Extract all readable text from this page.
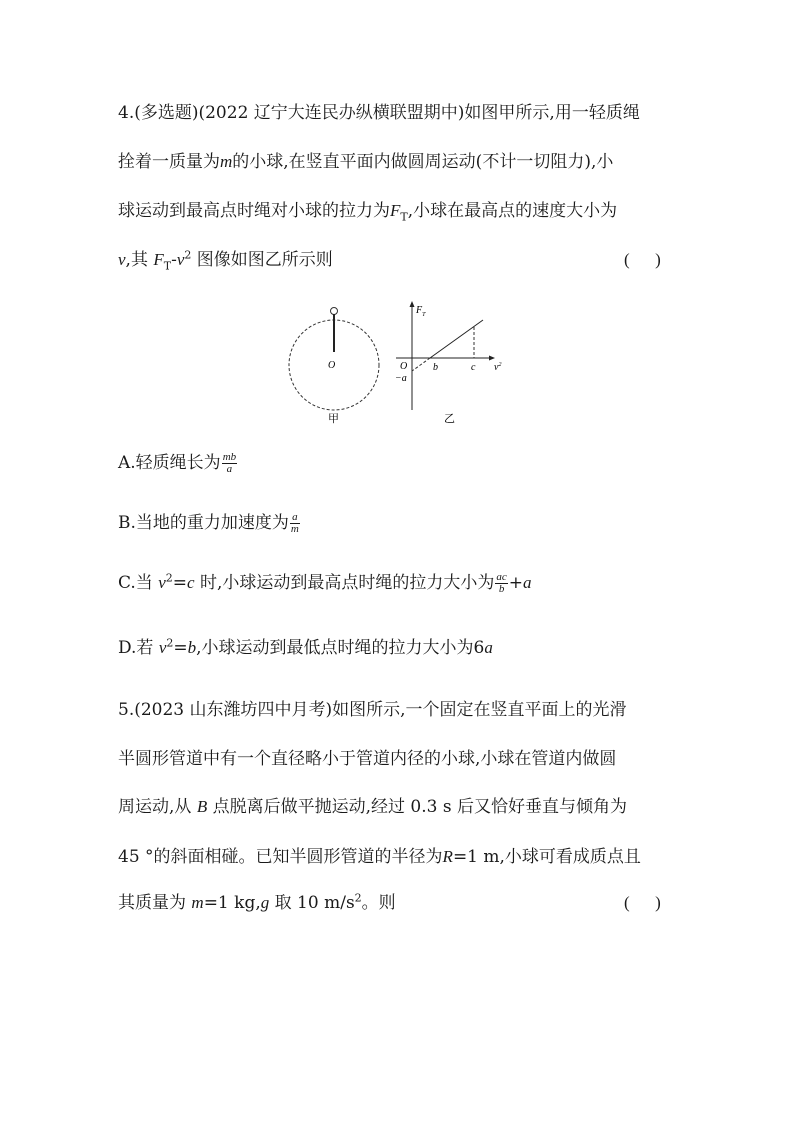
4.(多选题)(2022 辽宁大连民办纵横联盟期中)如图甲所示,用一轻质绳
拴着一质量为m的小球,在竖直平面内做圆周运动(不计一切阻力),小
球运动到最高点时绳对小球的拉力为$F_T$,小球在最高点的速度大小为
v,其 $F_T-v^2$ 图像如图乙所示则	(      )
O
甲
$F_T$
O
−a
b	c $v^2$
乙
A.轻质绳长为 $\frac{mb}{a}$
B.当地的重力加速度为 $\frac{a}{m}$
C.当 $v^2=c$ 时,小球运动到最高点时绳的拉力大小为 $\frac{ac}{b} +a$
D.若 $v^2=b$,小球运动到最低点时绳的拉力大小为6a
5.(2023 山东潍坊四中月考)如图所示,一个固定在竖直平面上的光滑
半圆形管道中有一个直径略小于管道内径的小球,小球在管道内做圆
周运动,从 B 点脱离后做平抛运动,经过 0.3 s 后又恰好垂直与倾角为
45 °的斜面相碰。已知半圆形管道的半径为R=1 m,小球可看成质点且
其质量为 m=1 kg,g 取 10 $m/s^2$。则	(      )
